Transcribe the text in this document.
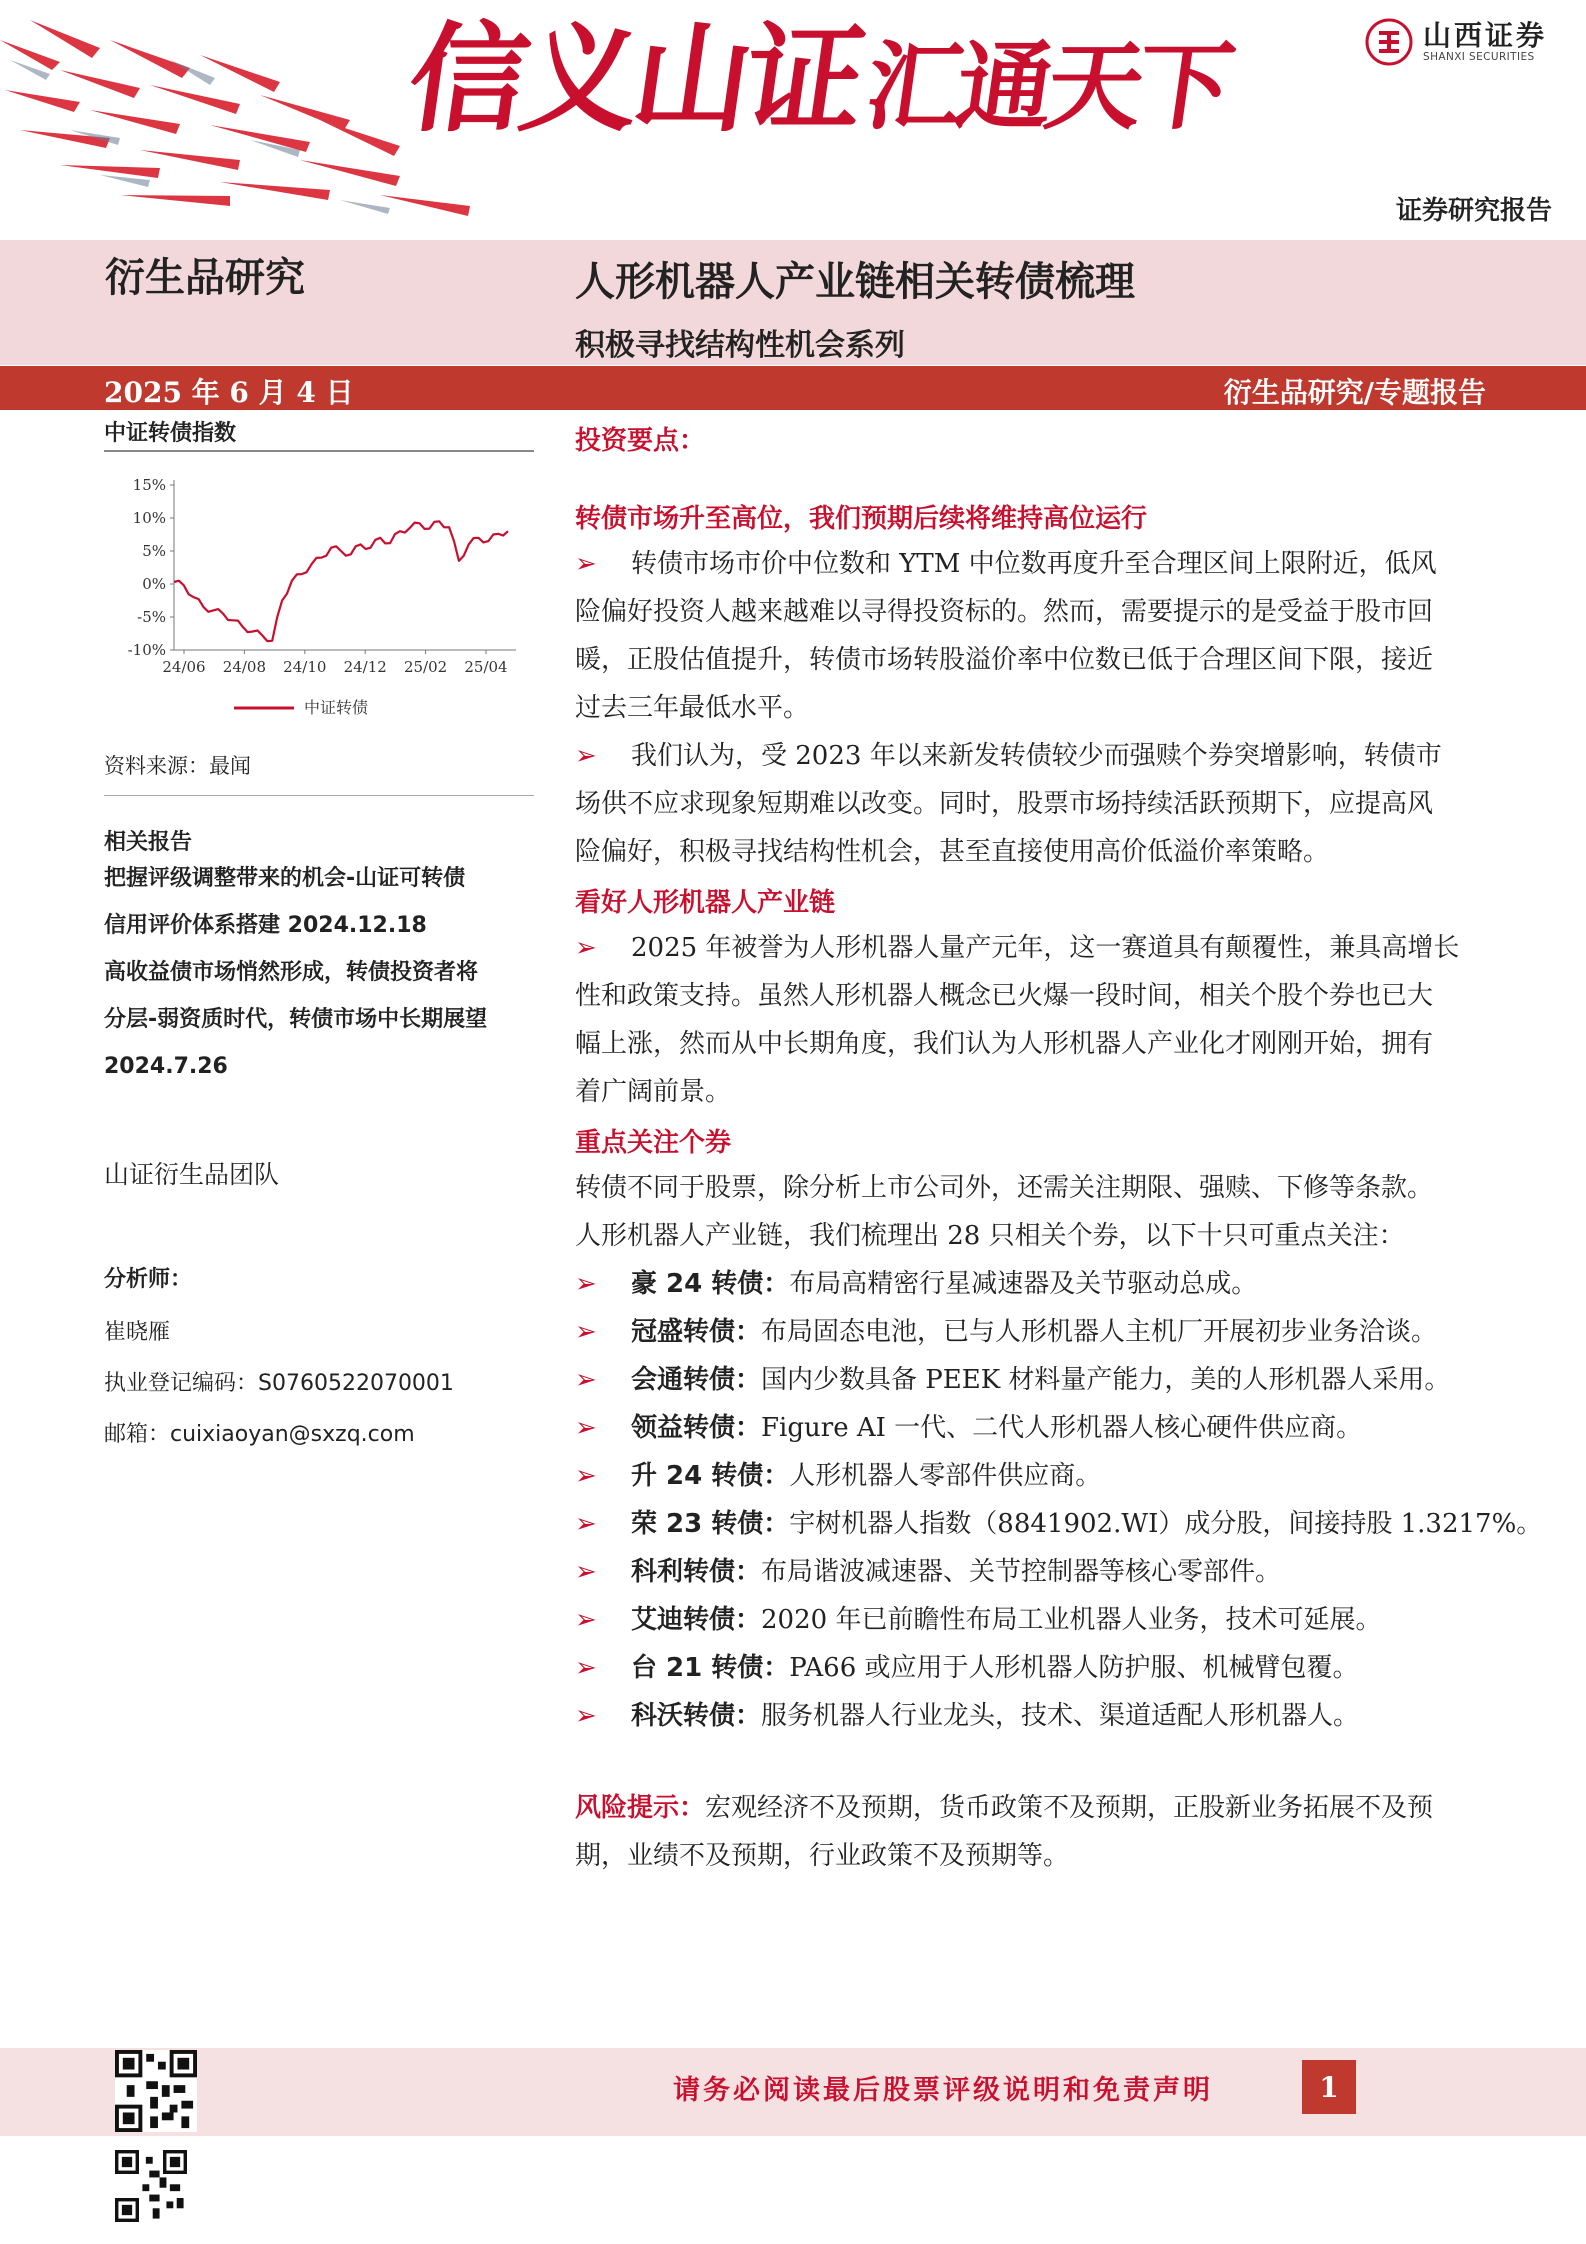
信义山证汇通天下	山西证券
SHANXI SECURITIES
证券研究报告
衍生品研究	人形机器人产业链相关转债梳理
积极寻找结构性机会系列
2025 年 6 月 4 日	衍生品研究/专题报告
中证转债指数
15%
10%
5%
0%
-5%
-10%
24/06 24/08 24/10 24/12 25/02 25/04
中证转债
资料来源：最闻
相关报告
把握评级调整带来的机会-山证可转债
信用评价体系搭建 2024.12.18
高收益债市场悄然形成，转债投资者将
分层-弱资质时代，转债市场中长期展望
2024.7.26
山证衍生品团队
分析师：
崔晓雁
执业登记编码：S0760522070001
邮箱：cuixiaoyan@sxzq.com
投资要点：
转债市场升至高位，我们预期后续将维持高位运行
➢ 转债市场市价中位数和 YTM 中位数再度升至合理区间上限附近，低风
险偏好投资人越来越难以寻得投资标的。然而，需要提示的是受益于股市回
暖，正股估值提升，转债市场转股溢价率中位数已低于合理区间下限，接近
过去三年最低水平。
➢ 我们认为，受 2023 年以来新发转债较少而强赎个券突增影响，转债市
场供不应求现象短期难以改变。同时，股票市场持续活跃预期下，应提高风
险偏好，积极寻找结构性机会，甚至直接使用高价低溢价率策略。
看好人形机器人产业链
➢ 2025 年被誉为人形机器人量产元年，这一赛道具有颠覆性，兼具高增长
性和政策支持。虽然人形机器人概念已火爆一段时间，相关个股个券也已大
幅上涨，然而从中长期角度，我们认为人形机器人产业化才刚刚开始，拥有
着广阔前景。
重点关注个券
转债不同于股票，除分析上市公司外，还需关注期限、强赎、下修等条款。
人形机器人产业链，我们梳理出 28 只相关个券，以下十只可重点关注：
➢ 豪 24 转债：布局高精密行星减速器及关节驱动总成。
➢ 冠盛转债：布局固态电池，已与人形机器人主机厂开展初步业务洽谈。
➢ 会通转债：国内少数具备 PEEK 材料量产能力，美的人形机器人采用。
➢ 领益转债：Figure AI 一代、二代人形机器人核心硬件供应商。
➢ 升 24 转债：人形机器人零部件供应商。
➢ 荣 23 转债：宇树机器人指数（8841902.WI）成分股，间接持股 1.3217%。
➢ 科利转债：布局谐波减速器、关节控制器等核心零部件。
➢ 艾迪转债：2020 年已前瞻性布局工业机器人业务，技术可延展。
➢ 台 21 转债：PA66 或应用于人形机器人防护服、机械臂包覆。
➢ 科沃转债：服务机器人行业龙头，技术、渠道适配人形机器人。
风险提示：宏观经济不及预期，货币政策不及预期，正股新业务拓展不及预
期，业绩不及预期，行业政策不及预期等。
请务必阅读最后股票评级说明和免责声明	1
